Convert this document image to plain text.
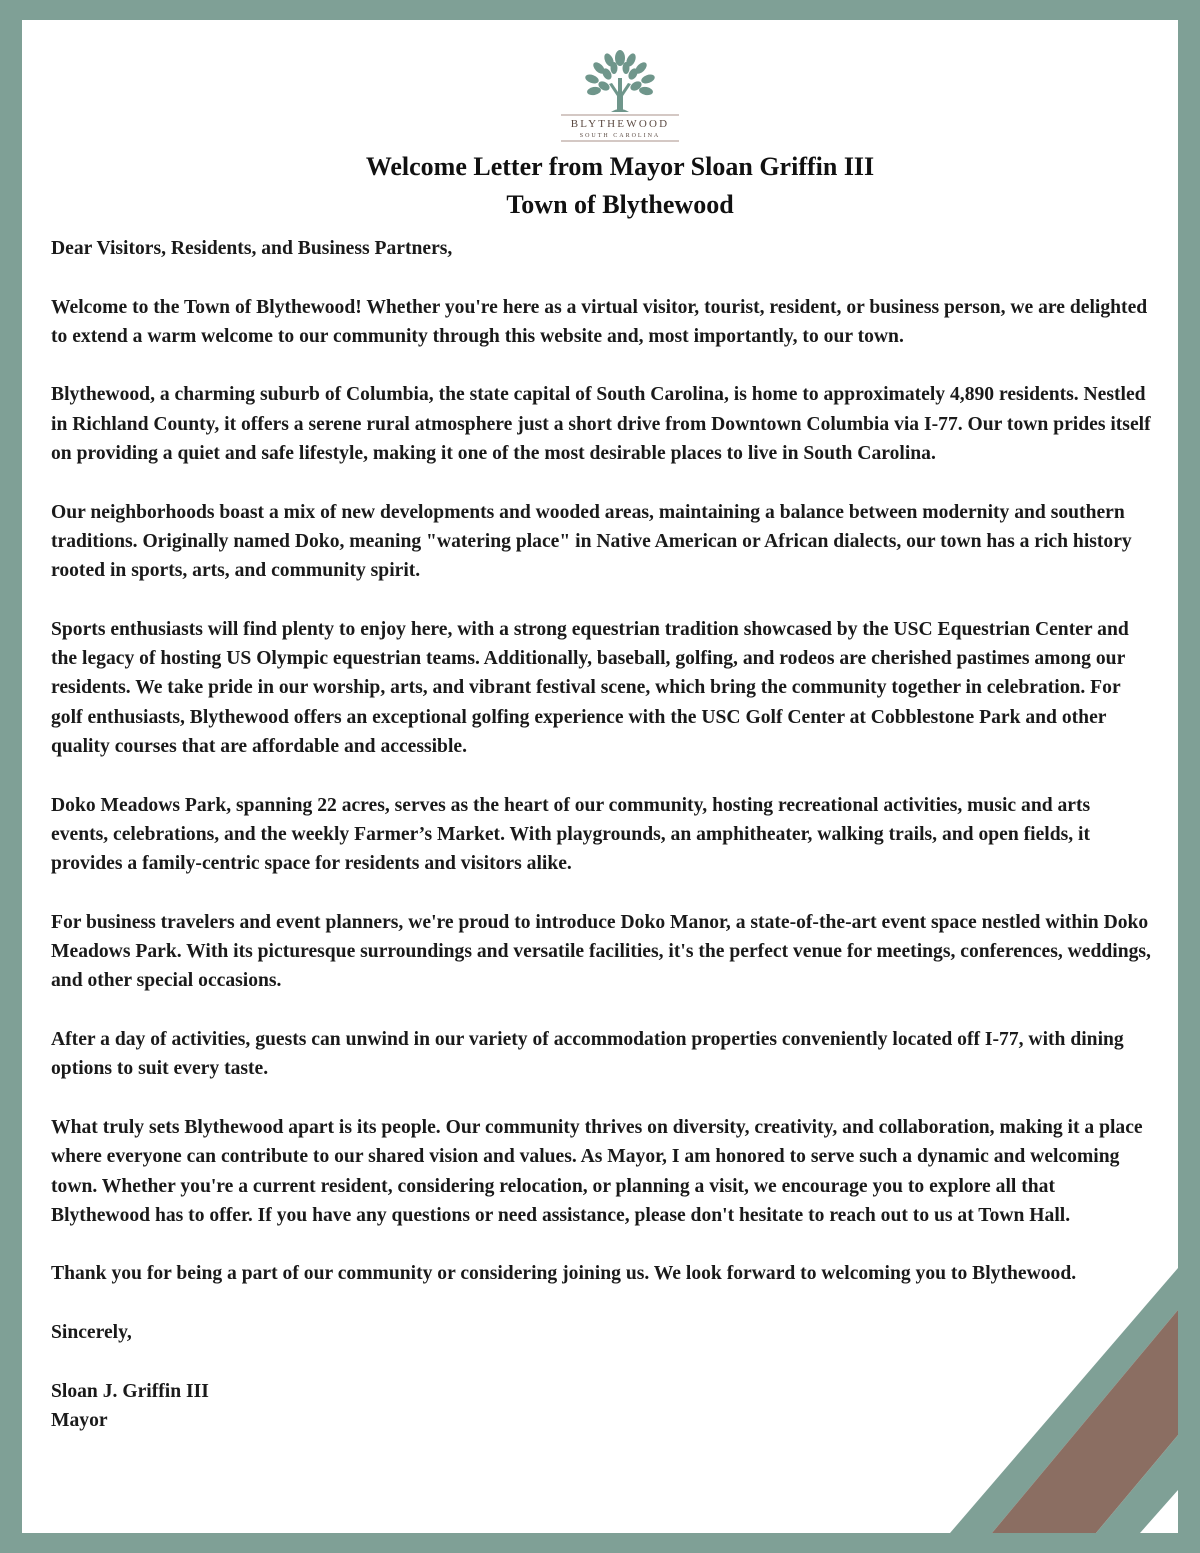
BLYTHEWOOD
SOUTH CAROLINA
Welcome Letter from Mayor Sloan Griffin III
Town of Blythewood

Dear Visitors, Residents, and Business Partners,

Welcome to the Town of Blythewood! Whether you're here as a virtual visitor, tourist, resident, or business person, we are delighted to extend a warm welcome to our community through this website and, most importantly, to our town.

Blythewood, a charming suburb of Columbia, the state capital of South Carolina, is home to approximately 4,890 residents. Nestled in Richland County, it offers a serene rural atmosphere just a short drive from Downtown Columbia via I-77. Our town prides itself on providing a quiet and safe lifestyle, making it one of the most desirable places to live in South Carolina.

Our neighborhoods boast a mix of new developments and wooded areas, maintaining a balance between modernity and southern traditions. Originally named Doko, meaning "watering place" in Native American or African dialects, our town has a rich history rooted in sports, arts, and community spirit.

Sports enthusiasts will find plenty to enjoy here, with a strong equestrian tradition showcased by the USC Equestrian Center and the legacy of hosting US Olympic equestrian teams. Additionally, baseball, golfing, and rodeos are cherished pastimes among our residents. We take pride in our worship, arts, and vibrant festival scene, which bring the community together in celebration. For golf enthusiasts, Blythewood offers an exceptional golfing experience with the USC Golf Center at Cobblestone Park and other quality courses that are affordable and accessible.

Doko Meadows Park, spanning 22 acres, serves as the heart of our community, hosting recreational activities, music and arts events, celebrations, and the weekly Farmer’s Market. With playgrounds, an amphitheater, walking trails, and open fields, it provides a family-centric space for residents and visitors alike.

For business travelers and event planners, we're proud to introduce Doko Manor, a state-of-the-art event space nestled within Doko Meadows Park. With its picturesque surroundings and versatile facilities, it's the perfect venue for meetings, conferences, weddings, and other special occasions.

After a day of activities, guests can unwind in our variety of accommodation properties conveniently located off I-77, with dining options to suit every taste.

What truly sets Blythewood apart is its people. Our community thrives on diversity, creativity, and collaboration, making it a place where everyone can contribute to our shared vision and values. As Mayor, I am honored to serve such a dynamic and welcoming town. Whether you're a current resident, considering relocation, or planning a visit, we encourage you to explore all that Blythewood has to offer. If you have any questions or need assistance, please don't hesitate to reach out to us at Town Hall.

Thank you for being a part of our community or considering joining us. We look forward to welcoming you to Blythewood.

Sincerely,

Sloan J. Griffin III

Mayor
